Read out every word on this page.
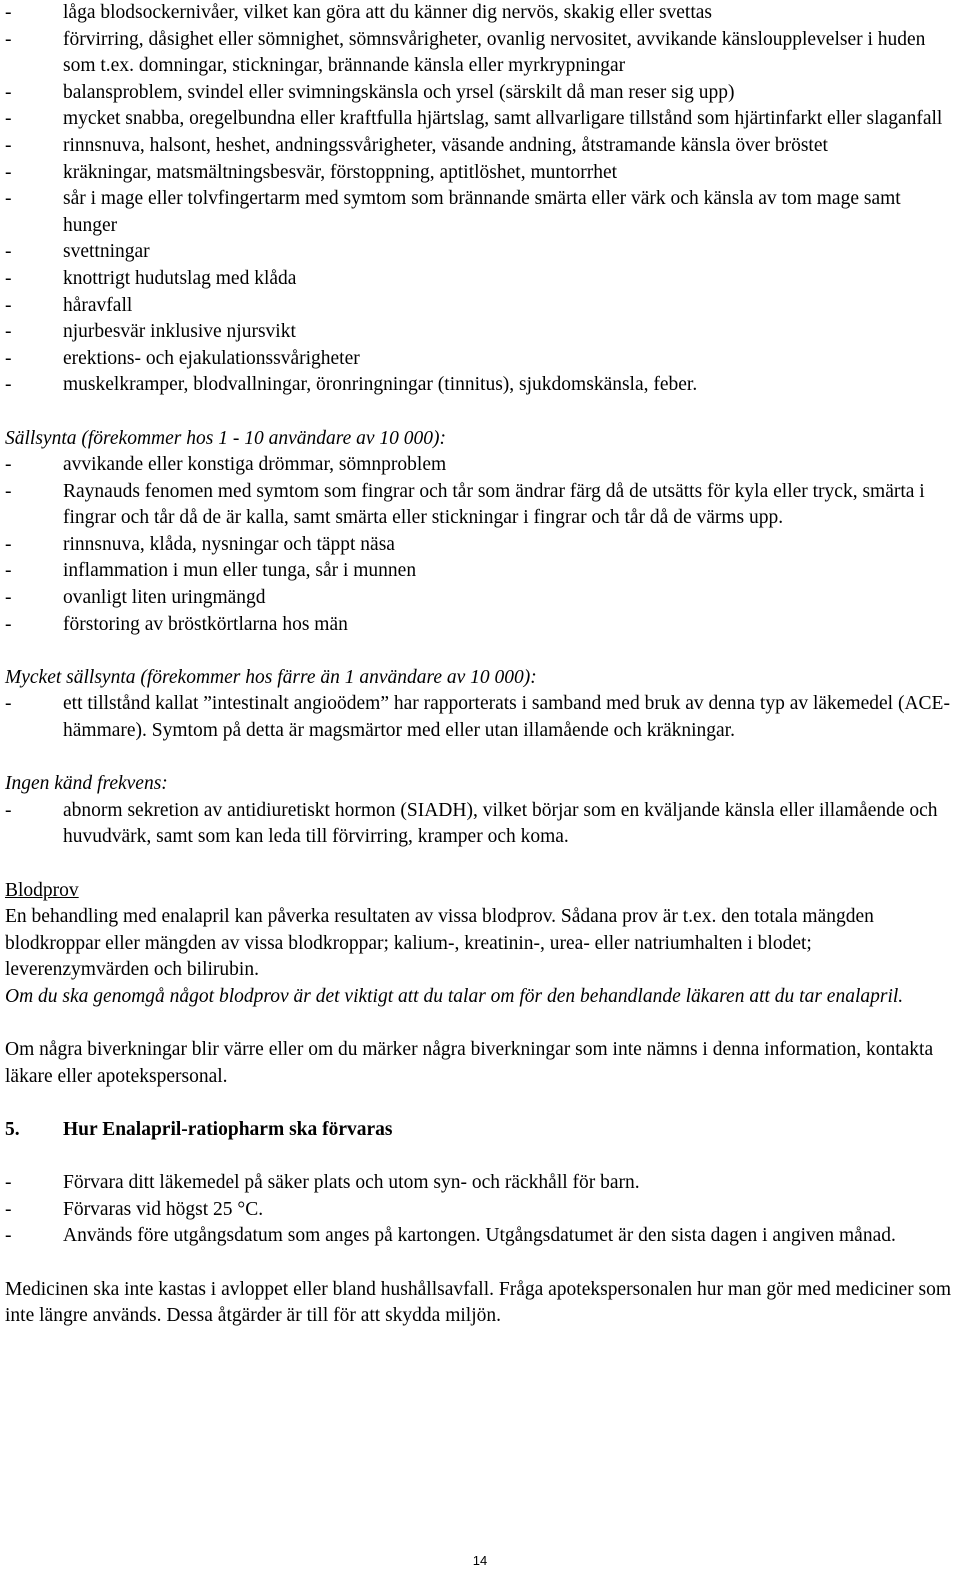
-	låga blodsockernivåer, vilket kan göra att du känner dig nervös, skakig eller svettas
-	förvirring, dåsighet eller sömnighet, sömnsvårigheter, ovanlig nervositet, avvikande känsloupplevelser i huden som t.ex. domningar, stickningar, brännande känsla eller myrkrypningar
-	balansproblem, svindel eller svimningskänsla och yrsel (särskilt då man reser sig upp)
-	mycket snabba, oregelbundna eller kraftfulla hjärtslag, samt allvarligare tillstånd som hjärtinfarkt eller slaganfall
-	rinnsnuva, halsont, heshet, andningssvårigheter, väsande andning, åtstramande känsla över bröstet
-	kräkningar, matsmältningsbesvär, förstoppning, aptitlöshet, muntorrhet
-	sår i mage eller tolvfingertarm med symtom som brännande smärta eller värk och känsla av tom mage samt hunger
-	svettningar
-	knottrigt hudutslag med klåda
-	håravfall
-	njurbesvär inklusive njursvikt
-	erektions- och ejakulationssvårigheter
-	muskelkramper, blodvallningar, öronringningar (tinnitus), sjukdomskänsla, feber.

Sällsynta (förekommer hos 1 - 10 användare av 10 000):

-	avvikande eller konstiga drömmar, sömnproblem
-	Raynauds fenomen med symtom som fingrar och tår som ändrar färg då de utsätts för kyla eller tryck, smärta i fingrar och tår då de är kalla, samt smärta eller stickningar i fingrar och tår då de värms upp.
-	rinnsnuva, klåda, nysningar och täppt näsa
-	inflammation i mun eller tunga, sår i munnen
-	ovanligt liten uringmängd
-	förstoring av bröstkörtlarna hos män

Mycket sällsynta (förekommer hos färre än 1 användare av 10 000):

-	ett tillstånd kallat ”intestinalt angioödem” har rapporterats i samband med bruk av denna typ av läkemedel (ACE-hämmare). Symtom på detta är magsmärtor med eller utan illamående och kräkningar.

Ingen känd frekvens:

-	abnorm sekretion av antidiuretiskt hormon (SIADH), vilket börjar som en kväljande känsla eller illamående och huvudvärk, samt som kan leda till förvirring, kramper och koma.

Blodprov

En behandling med enalapril kan påverka resultaten av vissa blodprov. Sådana prov är t.ex. den totala mängden blodkroppar eller mängden av vissa blodkroppar; kalium-, kreatinin-, urea- eller natriumhalten i blodet; leverenzymvärden och bilirubin.

Om du ska genomgå något blodprov är det viktigt att du talar om för den behandlande läkaren att du tar enalapril.

Om några biverkningar blir värre eller om du märker några biverkningar som inte nämns i denna information, kontakta läkare eller apotekspersonal.

5.	Hur Enalapril-ratiopharm ska förvaras
-	Förvara ditt läkemedel på säker plats och utom syn- och räckhåll för barn.
-	Förvaras vid högst 25 °C.
-	Används före utgångsdatum som anges på kartongen. Utgångsdatumet är den sista dagen i angiven månad.

Medicinen ska inte kastas i avloppet eller bland hushållsavfall. Fråga apotekspersonalen hur man gör med mediciner som inte längre används. Dessa åtgärder är till för att skydda miljön.

14
